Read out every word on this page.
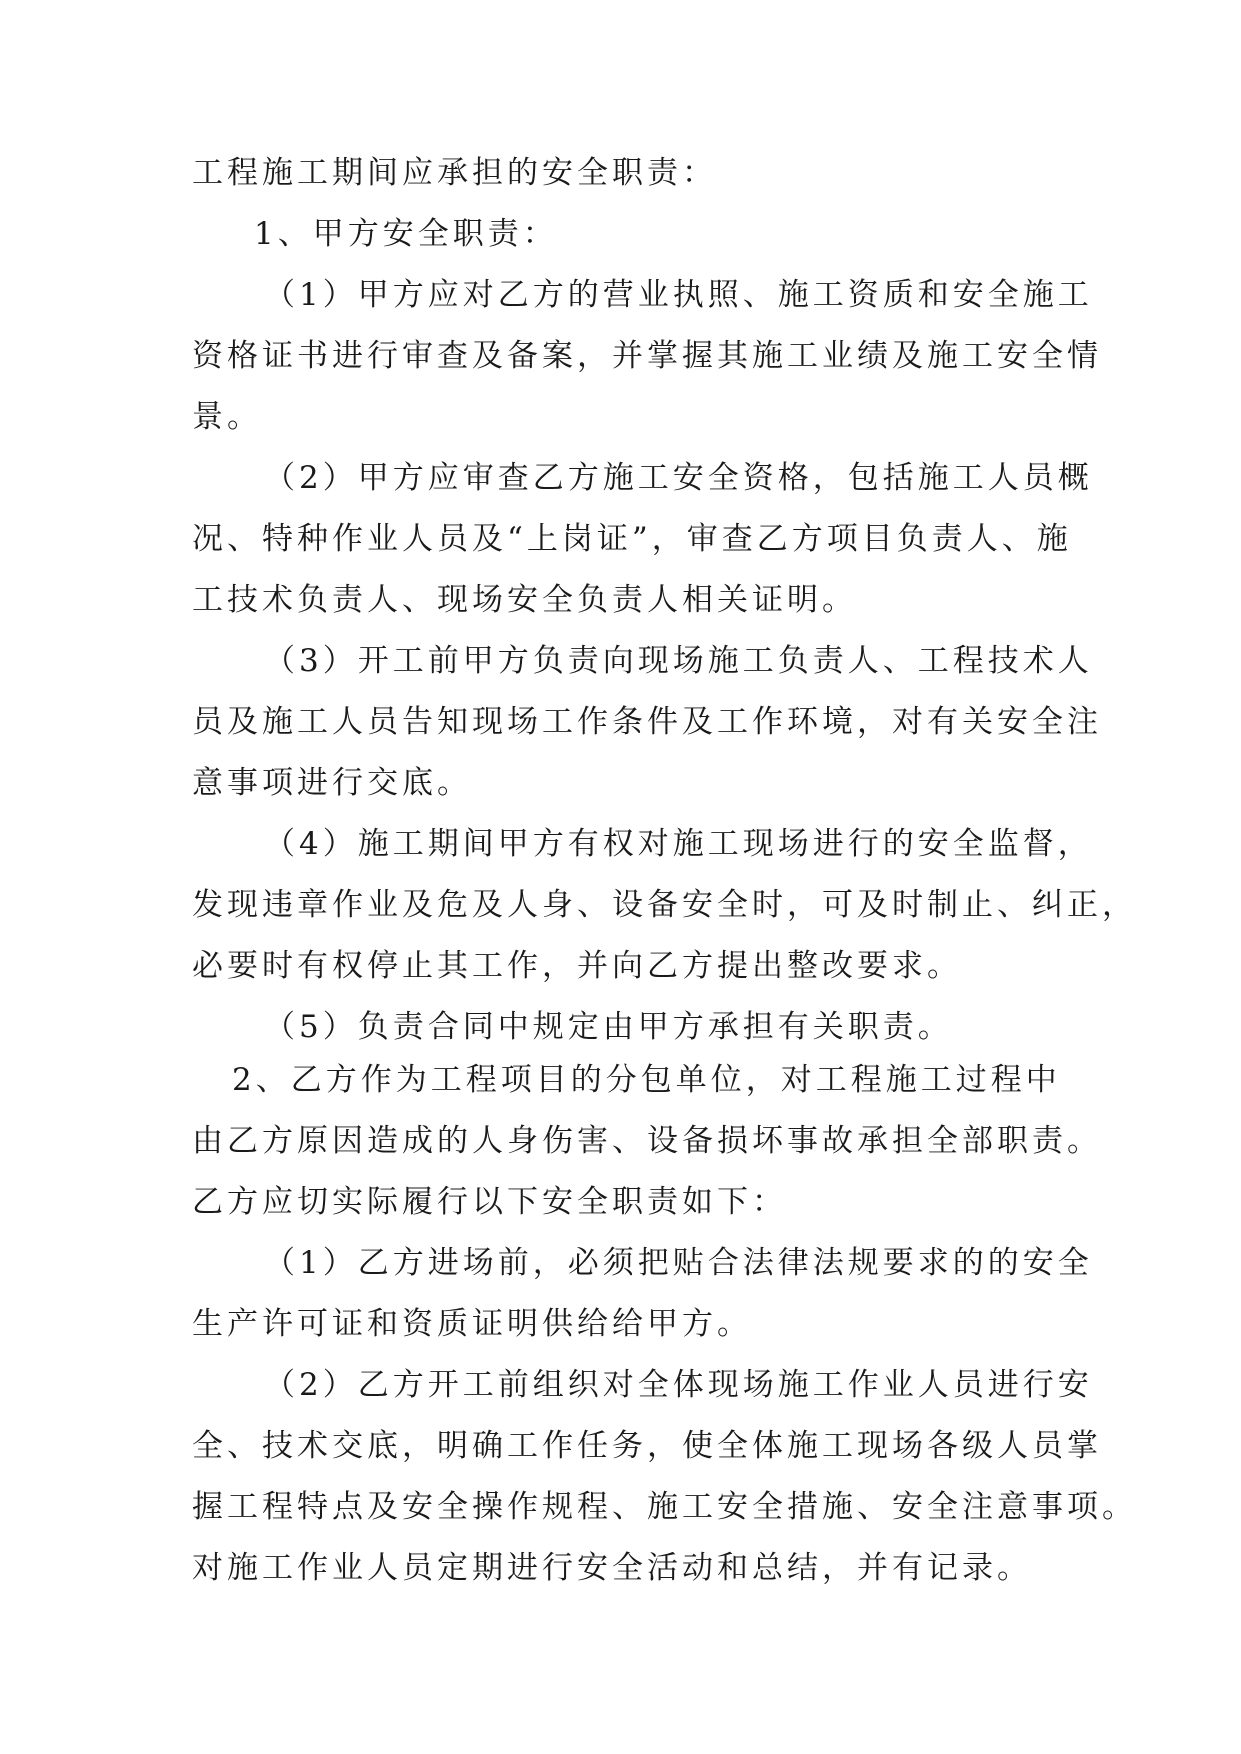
工程施工期间应承担的安全职责：
1、甲方安全职责：
（1）甲方应对乙方的营业执照、施工资质和安全施工
资格证书进行审查及备案，并掌握其施工业绩及施工安全情
景。
（2）甲方应审查乙方施工安全资格，包括施工人员概
况、特种作业人员及“上岗证”，审查乙方项目负责人、施
工技术负责人、现场安全负责人相关证明。
（3）开工前甲方负责向现场施工负责人、工程技术人
员及施工人员告知现场工作条件及工作环境，对有关安全注
意事项进行交底。
（4）施工期间甲方有权对施工现场进行的安全监督，
发现违章作业及危及人身、设备安全时，可及时制止、纠正，
必要时有权停止其工作，并向乙方提出整改要求。
（5）负责合同中规定由甲方承担有关职责。
2、乙方作为工程项目的分包单位，对工程施工过程中
由乙方原因造成的人身伤害、设备损坏事故承担全部职责。
乙方应切实际履行以下安全职责如下：
（1）乙方进场前，必须把贴合法律法规要求的的安全
生产许可证和资质证明供给给甲方。
（2）乙方开工前组织对全体现场施工作业人员进行安
全、技术交底，明确工作任务，使全体施工现场各级人员掌
握工程特点及安全操作规程、施工安全措施、安全注意事项。
对施工作业人员定期进行安全活动和总结，并有记录。
